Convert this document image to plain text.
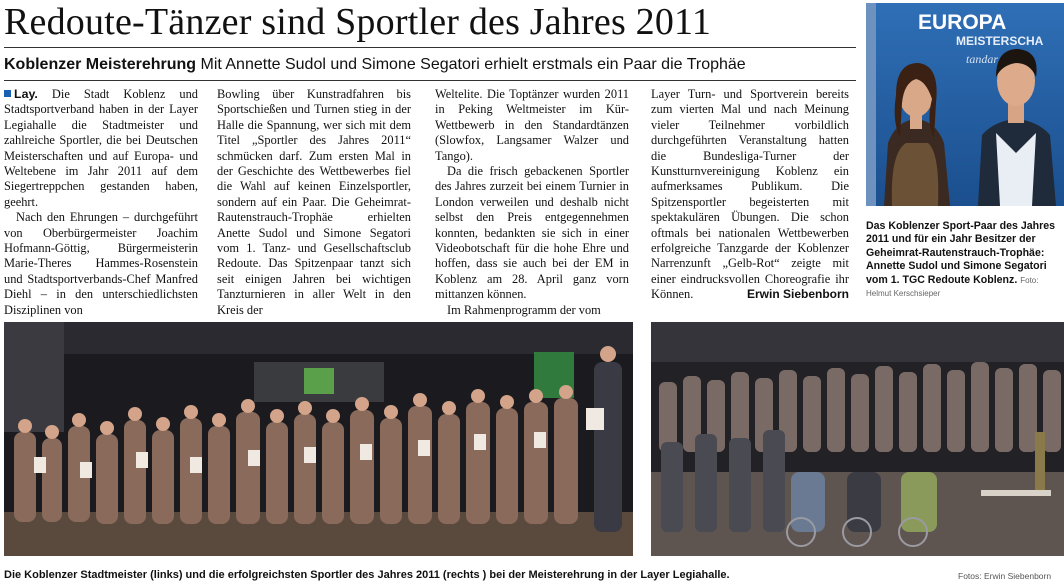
Redoute-Tänzer sind Sportler des Jahres 2011
Koblenzer Meisterehrung Mit Annette Sudol und Simone Segatori erhielt erstmals ein Paar die Trophäe

Lay. Die Stadt Koblenz und Stadtsportverband haben in der Layer Legiahalle die Stadtmeister und zahlreiche Sportler, die bei Deutschen Meisterschaften und auf Europa- und Weltebene im Jahr 2011 auf dem Siegertreppchen gestanden haben, geehrt.

Nach den Ehrungen – durchgeführt von Oberbürgermeister Joachim Hofmann-Göttig, Bürgermeisterin Marie-Theres Hammes-Rosenstein und Stadtsportverbands-Chef Manfred Diehl – in den unterschiedlichsten Disziplinen von

Bowling über Kunstradfahren bis Sportschießen und Turnen stieg in der Halle die Spannung, wer sich mit dem Titel „Sportler des Jahres 2011“ schmücken darf. Zum ersten Mal in der Geschichte des Wettbewerbes fiel die Wahl auf keinen Einzelsportler, sondern auf ein Paar. Die Geheimrat-Rautenstrauch-Trophäe erhielten Anette Sudol und Simone Segatori vom 1. Tanz- und Gesellschaftsclub Redoute. Das Spitzenpaar tanzt sich seit einigen Jahren bei wichtigen Tanzturnieren in aller Welt in den Kreis der

Weltelite. Die Toptänzer wurden 2011 in Peking Weltmeister im Kür-Wettbewerb in den Standardtänzen (Slowfox, Langsamer Walzer und Tango).

Da die frisch gebackenen Sportler des Jahres zurzeit bei einem Turnier in London verweilen und deshalb nicht selbst den Preis entgegennehmen konnten, bedankten sie sich in einer Videobotschaft für die hohe Ehre und hoffen, dass sie auch bei der EM in Koblenz am 28. April ganz vorn mittanzen können.

Im Rahmenprogramm der vom

Layer Turn- und Sportverein bereits zum vierten Mal und nach Meinung vieler Teilnehmer vorbildlich durchgeführten Veranstaltung hatten die Bundesliga-Turner der Kunstturnvereinigung Koblenz ein aufmerksames Publikum. Die Spitzensportler begeisterten mit spektakulären Übungen. Die schon oftmals bei nationalen Wettbewerben erfolgreiche Tanzgarde der Koblenzer Narrenzunft „Gelb-Rot“ zeigte mit einer eindrucksvollen Choreografie ihr Können.	Erwin Siebenborn

EUROPA
MEISTERSCHA
tandar
Das Koblenzer Sport-Paar des Jahres 2011 und für ein Jahr Besitzer der Geheimrat-Rautenstrauch-Trophäe: Annette Sudol und Simone Segatori vom 1. TGC Redoute Koblenz. Foto: Helmut Kerschsieper
Die Koblenzer Stadtmeister (links) und die erfolgreichsten Sportler des Jahres 2011 (rechts ) bei der Meisterehrung in der Layer Legiahalle.	Fotos: Erwin Siebenborn
